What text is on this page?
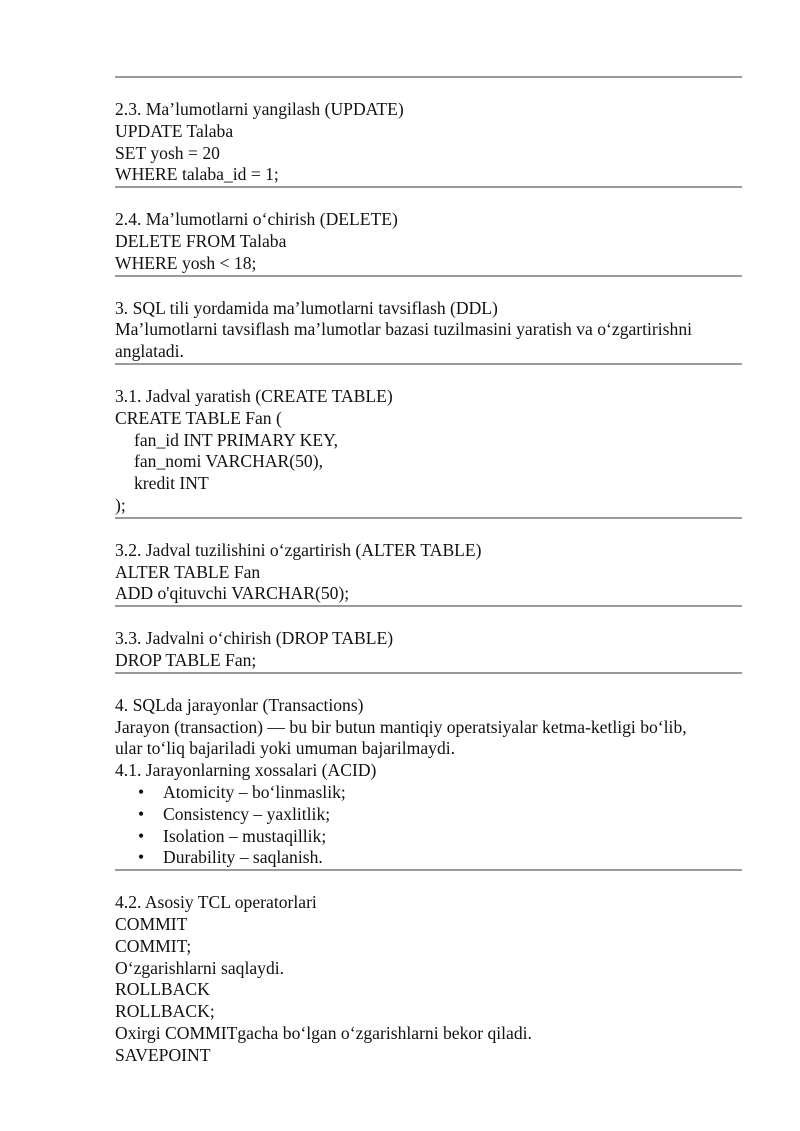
2.3. Ma’lumotlarni yangilash (UPDATE)
UPDATE Talaba
SET yosh = 20
WHERE talaba_id = 1;
2.4. Ma’lumotlarni o‘chirish (DELETE)
DELETE FROM Talaba
WHERE yosh < 18;
3. SQL tili yordamida ma’lumotlarni tavsiflash (DDL)
Ma’lumotlarni tavsiflash ma’lumotlar bazasi tuzilmasini yaratish va o‘zgartirishni
anglatadi.
3.1. Jadval yaratish (CREATE TABLE)
CREATE TABLE Fan (
fan_id INT PRIMARY KEY,
fan_nomi VARCHAR(50),
kredit INT
);
3.2. Jadval tuzilishini o‘zgartirish (ALTER TABLE)
ALTER TABLE Fan
ADD o'qituvchi VARCHAR(50);
3.3. Jadvalni o‘chirish (DROP TABLE)
DROP TABLE Fan;
4. SQLda jarayonlar (Transactions)
Jarayon (transaction) — bu bir butun mantiqiy operatsiyalar ketma-ketligi bo‘lib,
ular to‘liq bajariladi yoki umuman bajarilmaydi.
4.1. Jarayonlarning xossalari (ACID)
• Atomicity – bo‘linmaslik;
• Consistency – yaxlitlik;
• Isolation – mustaqillik;
• Durability – saqlanish.
4.2. Asosiy TCL operatorlari
COMMIT
COMMIT;
O‘zgarishlarni saqlaydi.
ROLLBACK
ROLLBACK;
Oxirgi COMMITgacha bo‘lgan o‘zgarishlarni bekor qiladi.
SAVEPOINT
